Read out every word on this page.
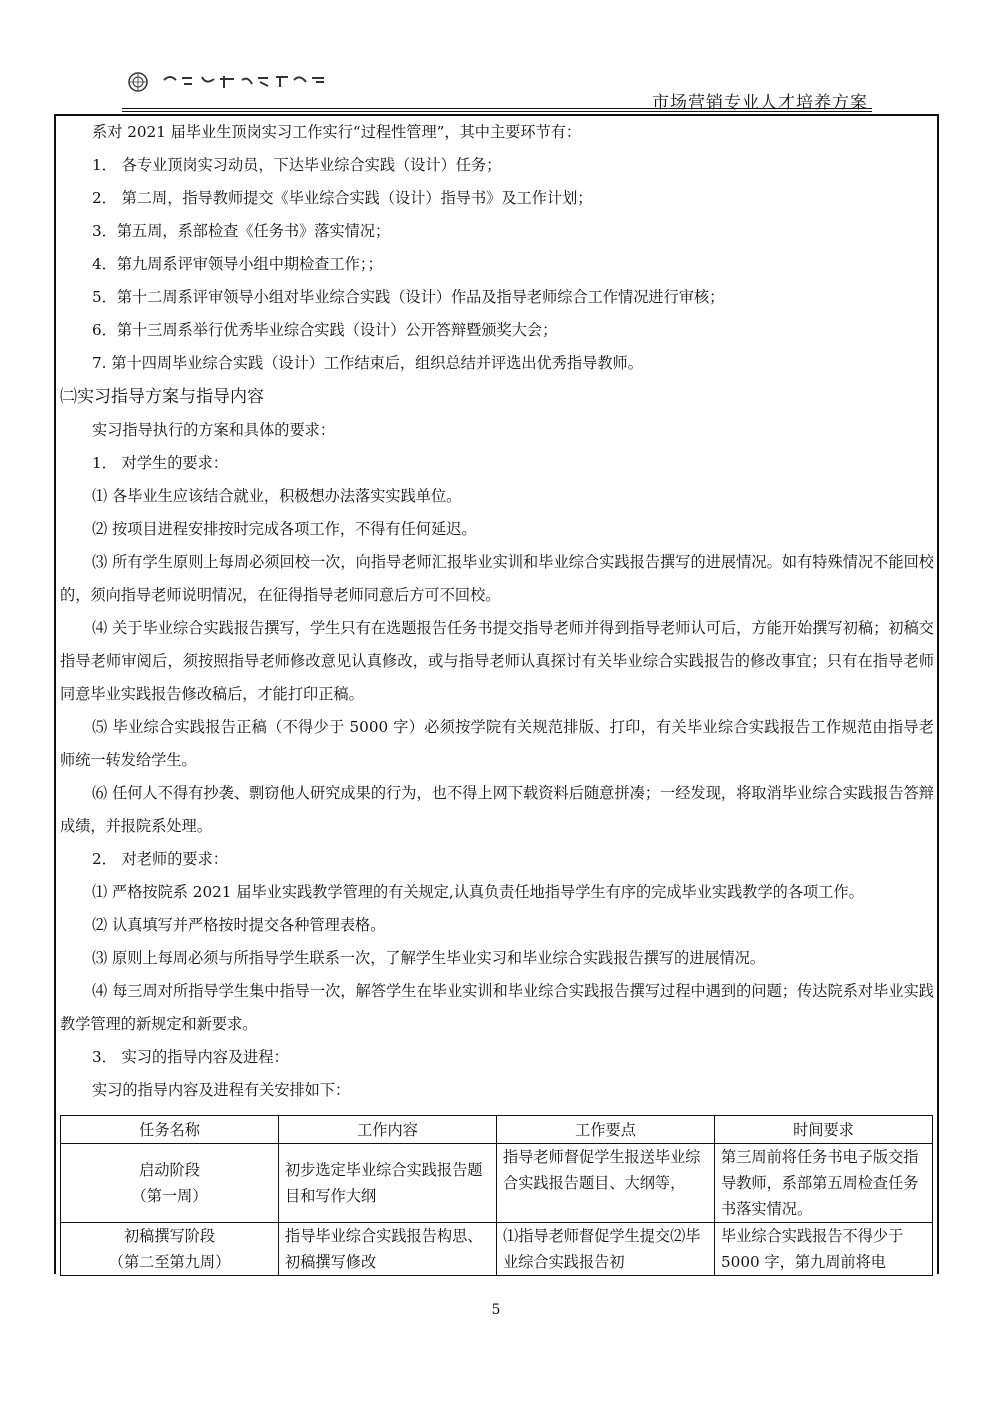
市场营销专业人才培养方案

系对 2021 届毕业生顶岗实习工作实行“过程性管理”，其中主要环节有：

1． 各专业顶岗实习动员，下达毕业综合实践（设计）任务；

2． 第二周，指导教师提交《毕业综合实践（设计）指导书》及工作计划；

3．第五周，系部检查《任务书》落实情况；

4．第九周系评审领导小组中期检查工作；；

5．第十二周系评审领导小组对毕业综合实践（设计）作品及指导老师综合工作情况进行审核；

6．第十三周系举行优秀毕业综合实践（设计）公开答辩暨颁奖大会；

7. 第十四周毕业综合实践（设计）工作结束后，组织总结并评选出优秀指导教师。

㈡实习指导方案与指导内容

实习指导执行的方案和具体的要求：

1． 对学生的要求：

⑴ 各毕业生应该结合就业，积极想办法落实实践单位。

⑵ 按项目进程安排按时完成各项工作，不得有任何延迟。

⑶ 所有学生原则上每周必须回校一次，向指导老师汇报毕业实训和毕业综合实践报告撰写的进展情况。如有特殊情况不能回校的，须向指导老师说明情况，在征得指导老师同意后方可不回校。

⑷ 关于毕业综合实践报告撰写，学生只有在选题报告任务书提交指导老师并得到指导老师认可后，方能开始撰写初稿；初稿交指导老师审阅后，须按照指导老师修改意见认真修改，或与指导老师认真探讨有关毕业综合实践报告的修改事宜；只有在指导老师同意毕业实践报告修改稿后，才能打印正稿。

⑸ 毕业综合实践报告正稿（不得少于 5000 字）必须按学院有关规范排版、打印，有关毕业综合实践报告工作规范由指导老师统一转发给学生。

⑹ 任何人不得有抄袭、剽窃他人研究成果的行为，也不得上网下载资料后随意拼凑；一经发现，将取消毕业综合实践报告答辩成绩，并报院系处理。

2． 对老师的要求：

⑴ 严格按院系 2021 届毕业实践教学管理的有关规定,认真负责任地指导学生有序的完成毕业实践教学的各项工作。

⑵ 认真填写并严格按时提交各种管理表格。

⑶ 原则上每周必须与所指导学生联系一次，了解学生毕业实习和毕业综合实践报告撰写的进展情况。

⑷ 每三周对所指导学生集中指导一次，解答学生在毕业实训和毕业综合实践报告撰写过程中遇到的问题；传达院系对毕业实践教学管理的新规定和新要求。

3． 实习的指导内容及进程：

实习的指导内容及进程有关安排如下：

任务名称	工作内容	工作要点	时间要求

启动阶段
（第一周）	初步选定毕业综合实践报告题目和写作大纲	指导老师督促学生报送毕业综合实践报告题目、大纲等，	第三周前将任务书电子版交指导教师，系部第五周检查任务书落实情况。

初稿撰写阶段
（第二至第九周）	指导毕业综合实践报告构思、初稿撰写修改	⑴指导老师督促学生提交⑵毕业综合实践报告初	毕业综合实践报告不得少于 5000 字，第九周前将电
5
